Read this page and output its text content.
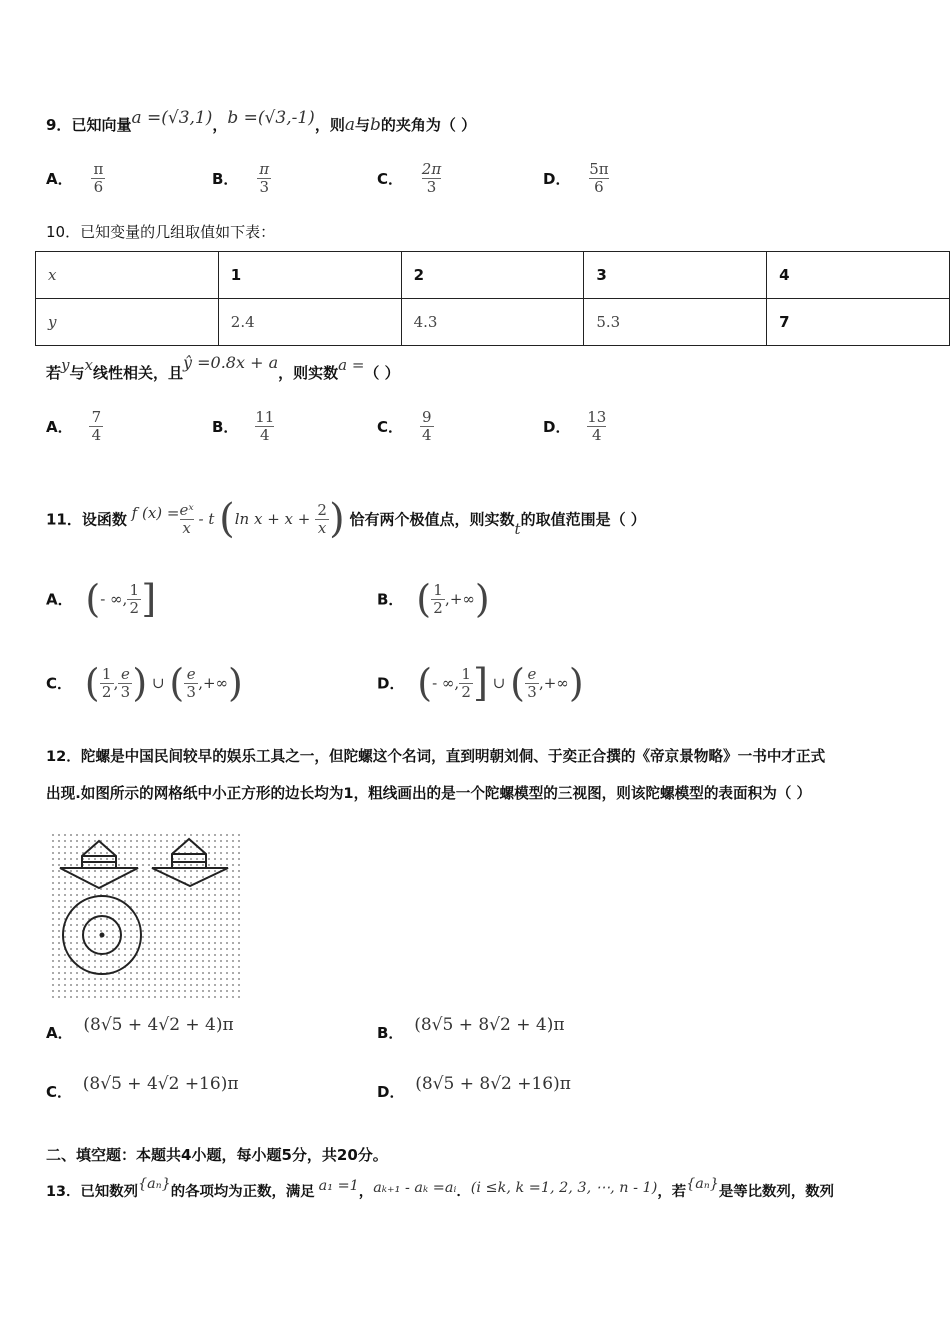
9．已知向量a =(√3,1)，b =(√3,‑1)，则a与b的夹角为（ ）
A． $\frac{\pi}{6}$	B． $\frac{\pi}{3}$	C． $\frac{2\pi}{3}$	D． $\frac{5\pi}{6}$
10．已知变量的几组取值如下表：
x	1	2	3	4
y	2.4	4.3	5.3	7
若y与x线性相关，且ŷ =0.8x + a，则实数a =（ ）
A． $\frac{7}{4}$	B． $\frac{11}{4}$	C． $\frac{9}{4}$	D． $\frac{13}{4}$
11．设函数 f $(x) = \frac{\text{eˣ}}{x}$ ‑ t (ln $x + x + \frac{2}{x}$ ) 恰有两个极值点，则实数t的取值范围是（ ）
A． (‑ ∞, $\frac{1}{2}$ ]	B． ( $\frac{1}{2}$ ,+∞)
C． ( $\frac{1}{2}$ , $\frac{e}{3}$ ) ∪ ( $\frac{e}{3}$ ,+∞)	D． (‑ ∞, $\frac{1}{2}$ ] ∪ ( $\frac{e}{3}$ ,+∞)
12．陀螺是中国民间较早的娱乐工具之一，但陀螺这个名词，直到明朝刘侗、于奕正合撰的《帝京景物略》一书中才正式
出现.如图所示的网格纸中小正方形的边长均为1，粗线画出的是一个陀螺模型的三视图，则该陀螺模型的表面积为（ ）
A． (8√5 + 4√2 + 4)π	B． (8√5 + 8√2 + 4)π
C． (8√5 + 4√2 +16)π	D． (8√5 + 8√2 +16)π
二、填空题：本题共4小题，每小题5分，共20分。
13．已知数列{aₙ}的各项均为正数，满足 a₁ =1，aₖ₊₁ ‑ aₖ =aᵢ．(i ≤k, k =1, 2, 3, ⋯, n ‑ 1)，若{aₙ}是等比数列，数列
